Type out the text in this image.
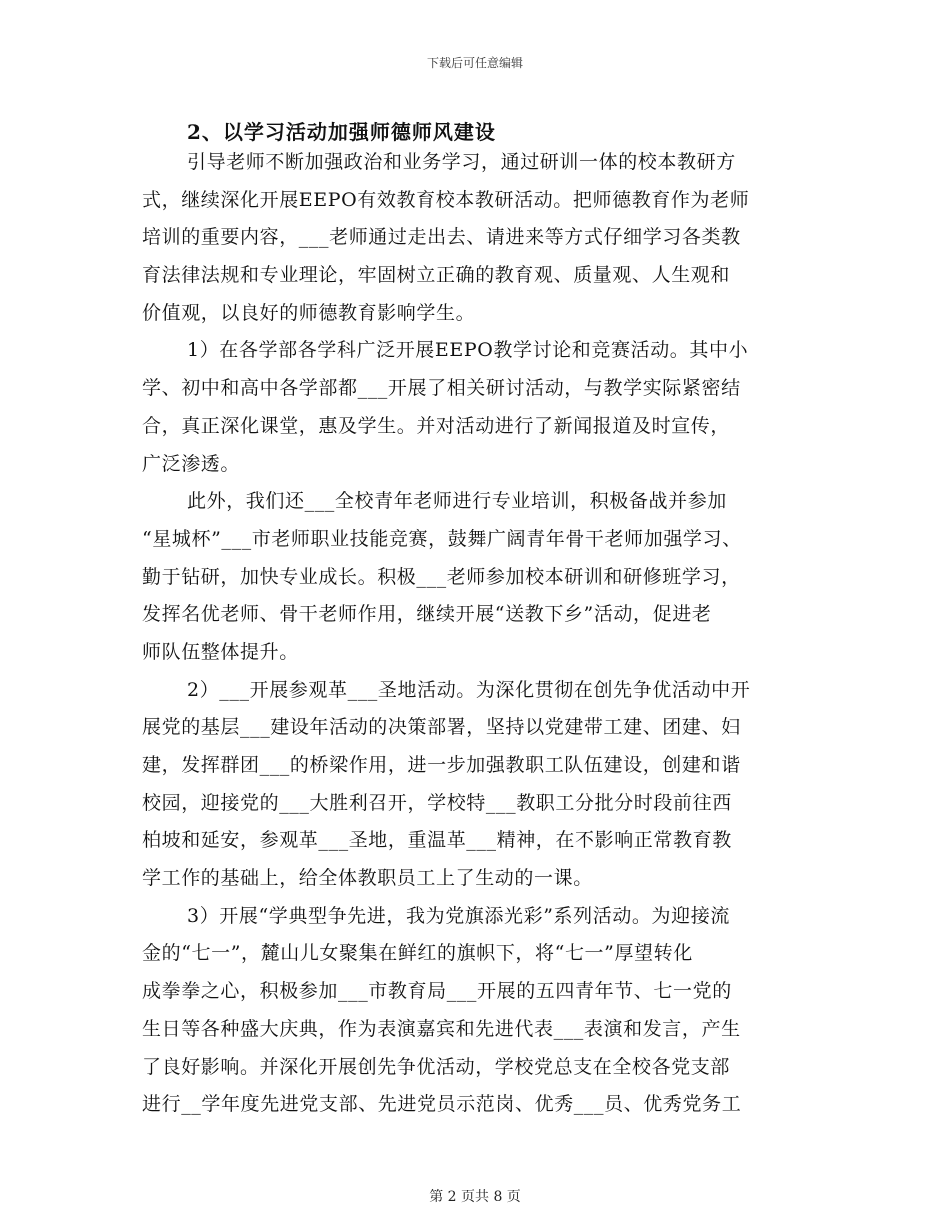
下载后可任意编辑
2、以学习活动加强师德师风建设
引导老师不断加强政治和业务学习，通过研训一体的校本教研方
式，继续深化开展EEPO有效教育校本教研活动。把师德教育作为老师
培训的重要内容，___老师通过走出去、请进来等方式仔细学习各类教
育法律法规和专业理论，牢固树立正确的教育观、质量观、人生观和
价值观，以良好的师德教育影响学生。
1）在各学部各学科广泛开展EEPO教学讨论和竞赛活动。其中小
学、初中和高中各学部都___开展了相关研讨活动，与教学实际紧密结
合，真正深化课堂，惠及学生。并对活动进行了新闻报道及时宣传，
广泛渗透。
此外，我们还___全校青年老师进行专业培训，积极备战并参加
“星城杯”___市老师职业技能竞赛，鼓舞广阔青年骨干老师加强学习、
勤于钻研，加快专业成长。积极___老师参加校本研训和研修班学习，
发挥名优老师、骨干老师作用，继续开展“送教下乡”活动，促进老
师队伍整体提升。
2）___开展参观革___圣地活动。为深化贯彻在创先争优活动中开
展党的基层___建设年活动的决策部署，坚持以党建带工建、团建、妇
建，发挥群团___的桥梁作用，进一步加强教职工队伍建设，创建和谐
校园，迎接党的___大胜利召开，学校特___教职工分批分时段前往西
柏坡和延安，参观革___圣地，重温革___精神，在不影响正常教育教
学工作的基础上，给全体教职员工上了生动的一课。
3）开展“学典型争先进，我为党旗添光彩”系列活动。为迎接流
金的“七一”，麓山儿女聚集在鲜红的旗帜下，将“七一”厚望转化
成拳拳之心，积极参加___市教育局___开展的五四青年节、七一党的
生日等各种盛大庆典，作为表演嘉宾和先进代表___表演和发言，产生
了良好影响。并深化开展创先争优活动，学校党总支在全校各党支部
进行__学年度先进党支部、先进党员示范岗、优秀___员、优秀党务工
第 2 页共 8 页
